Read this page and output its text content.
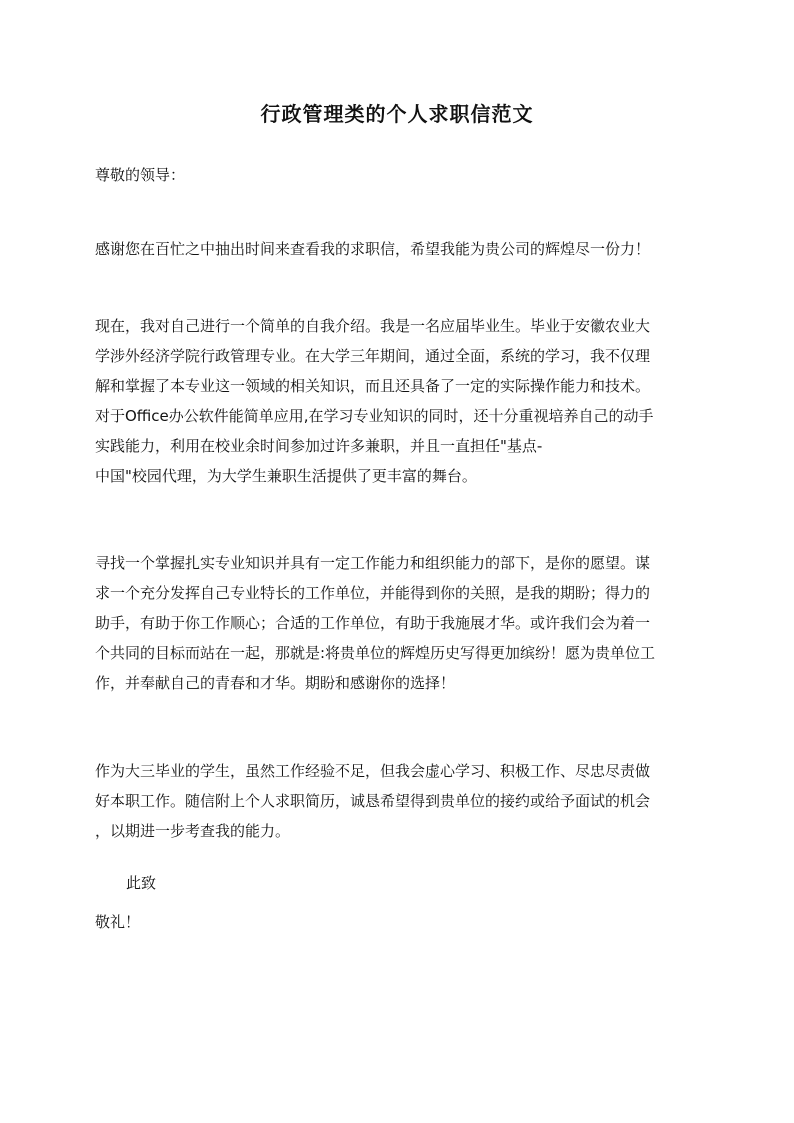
行政管理类的个人求职信范文
尊敬的领导：
感谢您在百忙之中抽出时间来查看我的求职信，希望我能为贵公司的辉煌尽一份力！
现在，我对自己进行一个简单的自我介绍。我是一名应届毕业生。毕业于安徽农业大
学涉外经济学院行政管理专业。在大学三年期间，通过全面，系统的学习，我不仅理
解和掌握了本专业这一领域的相关知识，而且还具备了一定的实际操作能力和技术。
对于Office办公软件能简单应用,在学习专业知识的同时，还十分重视培养自己的动手
实践能力，利用在校业余时间参加过许多兼职，并且一直担任"基点-
中国"校园代理，为大学生兼职生活提供了更丰富的舞台。
寻找一个掌握扎实专业知识并具有一定工作能力和组织能力的部下，是你的愿望。谋
求一个充分发挥自己专业特长的工作单位，并能得到你的关照，是我的期盼；得力的
助手，有助于你工作顺心；合适的工作单位，有助于我施展才华。或许我们会为着一
个共同的目标而站在一起，那就是:将贵单位的辉煌历史写得更加缤纷！愿为贵单位工
作，并奉献自己的青春和才华。期盼和感谢你的选择！
作为大三毕业的学生，虽然工作经验不足，但我会虚心学习、积极工作、尽忠尽责做
好本职工作。随信附上个人求职简历，诚恳希望得到贵单位的接约或给予面试的机会
，以期进一步考查我的能力。
此致
敬礼！
